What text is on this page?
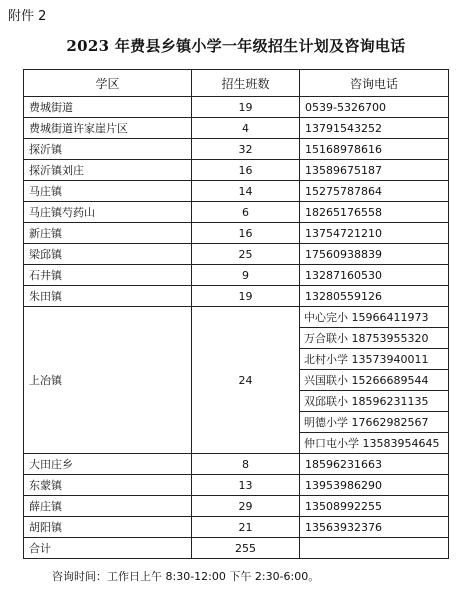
附件 2
2023 年费县乡镇小学一年级招生计划及咨询电话
学区	招生班数	咨询电话
费城街道	19	0539-5326700
费城街道许家崖片区	4	13791543252
探沂镇	32	15168978616
探沂镇刘庄	16	13589675187
马庄镇	14	15275787864
马庄镇芍药山	6	18265176558
新庄镇	16	13754721210
梁邱镇	25	17560938839
石井镇	9	13287160530
朱田镇	19	13280559126
上冶镇	24	中心完小 15966411973
		万合联小 18753955320
		北村小学 13573940011
		兴国联小 15266689544
		双邱联小 18596231135
		明德小学 17662982567
		仲口屯小学 13583954645
大田庄乡	8	18596231663
东蒙镇	13	13953986290
薛庄镇	29	13508992255
胡阳镇	21	13563932376
合计	255	
咨询时间：工作日上午 8:30-12:00 下午 2:30-6:00。
